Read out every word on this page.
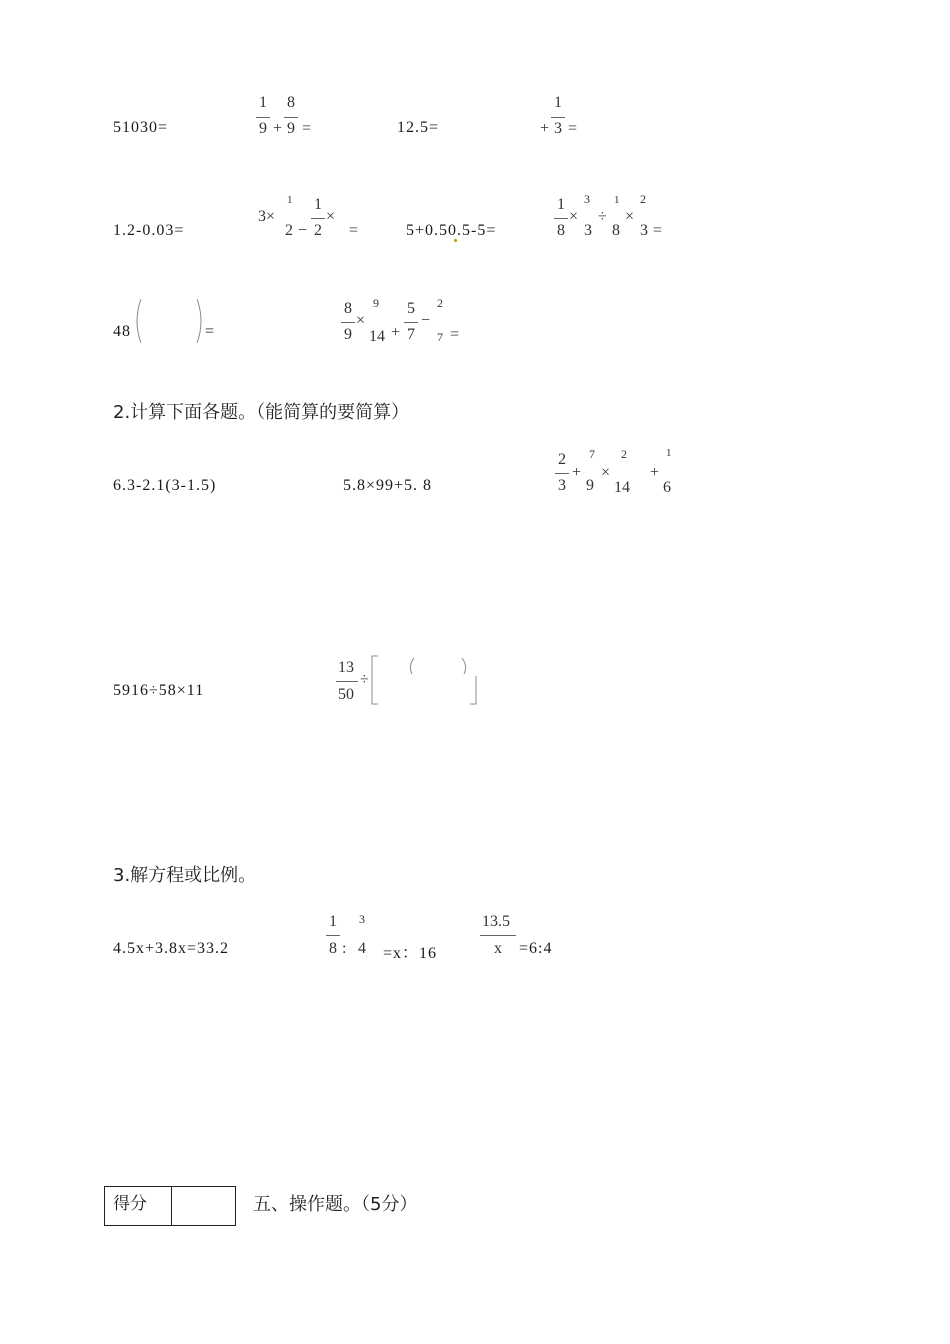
51030=
1
9 +
8
9 =	12.5=
1
+ 3 =
1.2-0.03=
3×
1
2 −
1
2
×
=	5+0.50.5-5=
1
8
×
3
3
÷
1
8
×
2
3 =
48	=
8
9
×
9
14 +
5
7
−
2
7 =
2.计算下面各题。（能简算的要简算）
6.3-2.1(3-1.5)	5.8×99+5. 8
2
3
+
7
9
×
2
14
+
1
6
5916÷58×11
13
50
÷
3.解方程或比例。
4.5x+3.8x=33.2
1
8 :
3
4 =x：16
13.5
x =6:4
得分	五、操作题。（5分）
